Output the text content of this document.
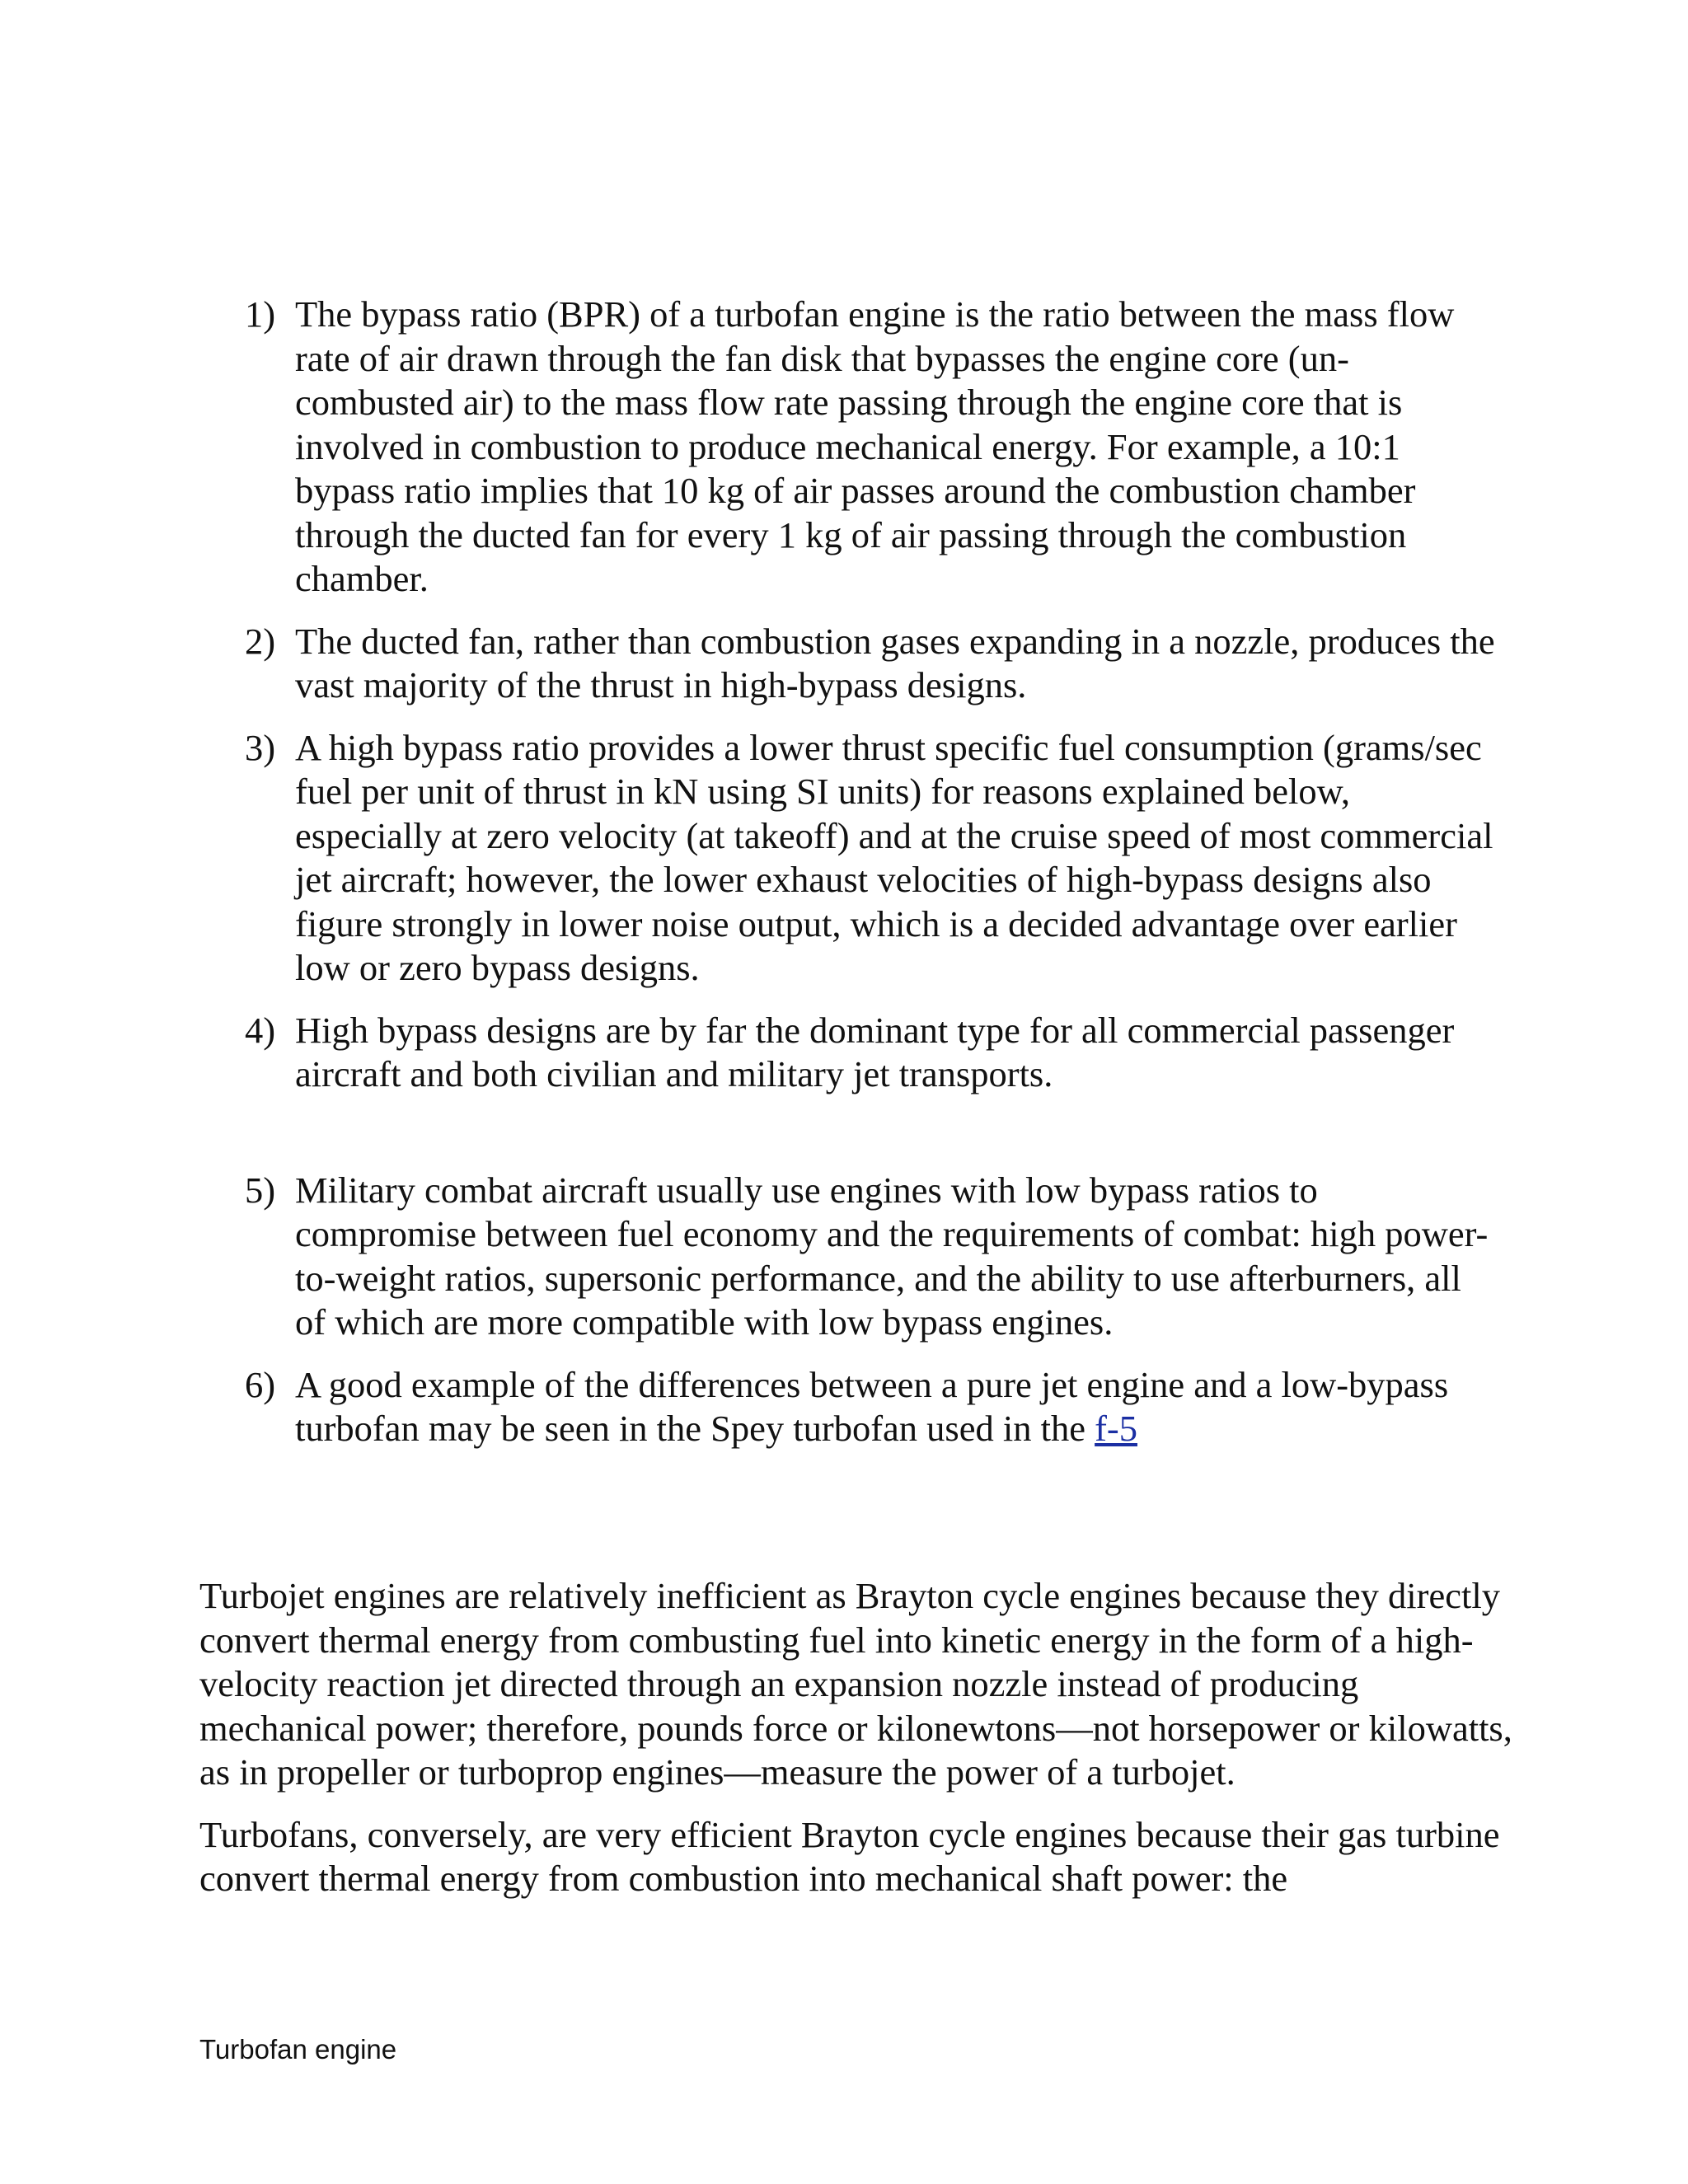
1) The bypass ratio (BPR) of a turbofan engine is the ratio between the mass flow rate of air drawn through the fan disk that bypasses the engine core (un-combusted air) to the mass flow rate passing through the engine core that is involved in combustion to produce mechanical energy. For example, a 10:1 bypass ratio implies that 10 kg of air passes around the combustion chamber through the ducted fan for every 1 kg of air passing through the combustion chamber.
2) The ducted fan, rather than combustion gases expanding in a nozzle, produces the vast majority of the thrust in high-bypass designs.
3) A high bypass ratio provides a lower thrust specific fuel consumption (grams/sec fuel per unit of thrust in kN using SI units) for reasons explained below, especially at zero velocity (at takeoff) and at the cruise speed of most commercial jet aircraft; however, the lower exhaust velocities of high-bypass designs also figure strongly in lower noise output, which is a decided advantage over earlier low or zero bypass designs.
4) High bypass designs are by far the dominant type for all commercial passenger aircraft and both civilian and military jet transports.
5) Military combat aircraft usually use engines with low bypass ratios to compromise between fuel economy and the requirements of combat: high power-to-weight ratios, supersonic performance, and the ability to use afterburners, all of which are more compatible with low bypass engines.
6) A good example of the differences between a pure jet engine and a low-bypass turbofan may be seen in the Spey turbofan used in the f-5

Turbojet engines are relatively inefficient as Brayton cycle engines because they directly convert thermal energy from combusting fuel into kinetic energy in the form of a high-velocity reaction jet directed through an expansion nozzle instead of producing mechanical power; therefore, pounds force or kilonewtons—not horsepower or kilowatts, as in propeller or turboprop engines—measure the power of a turbojet.

Turbofans, conversely, are very efficient Brayton cycle engines because their gas turbine convert thermal energy from combustion into mechanical shaft power: the

Turbofan engine
